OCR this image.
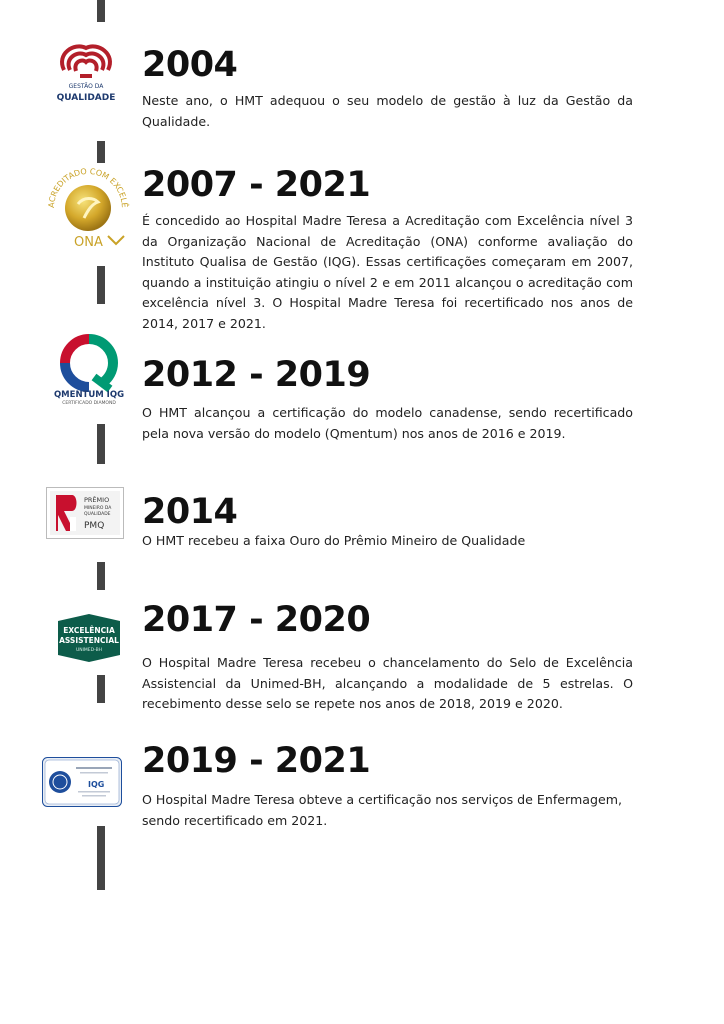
GESTÃO DA
QUALIDADE
2004
Neste ano, o HMT adequou o seu modelo de gestão à luz da Gestão da Qualidade.
ACREDITADO COM EXCELÊ
ONA
2007 - 2021
É concedido ao Hospital Madre Teresa a Acreditação com Excelência nível 3 da Organização Nacional de Acreditação (ONA) conforme avaliação do Instituto Qualisa de Gestão (IQG). Essas certificações começaram em 2007, quando a instituição atingiu o nível 2 e em 2011 alcançou o acreditação com excelência nível 3. O Hospital Madre Teresa foi recertificado nos anos de 2014, 2017 e 2021.
QMENTUM IQG
CERTIFICADO DIAMOND
2012 - 2019
O HMT alcançou a certificação do modelo canadense, sendo recertificado pela nova versão do modelo (Qmentum) nos anos de 2016 e 2019.
PRÊMIO
MINEIRO DA
QUALIDADE
PMQ 2014
O HMT recebeu a faixa Ouro do Prêmio Mineiro de Qualidade
EXCELÊNCIA
ASSISTENCIAL
UNIMED-BH
2017 - 2020
O Hospital Madre Teresa recebeu o chancelamento do Selo de Excelência Assistencial da Unimed-BH, alcançando a modalidade de 5 estrelas. O recebimento desse selo se repete nos anos de 2018, 2019 e 2020.
IQG
2019 - 2021
O Hospital Madre Teresa obteve a certificação nos serviços de Enfermagem, sendo recertificado em 2021.
